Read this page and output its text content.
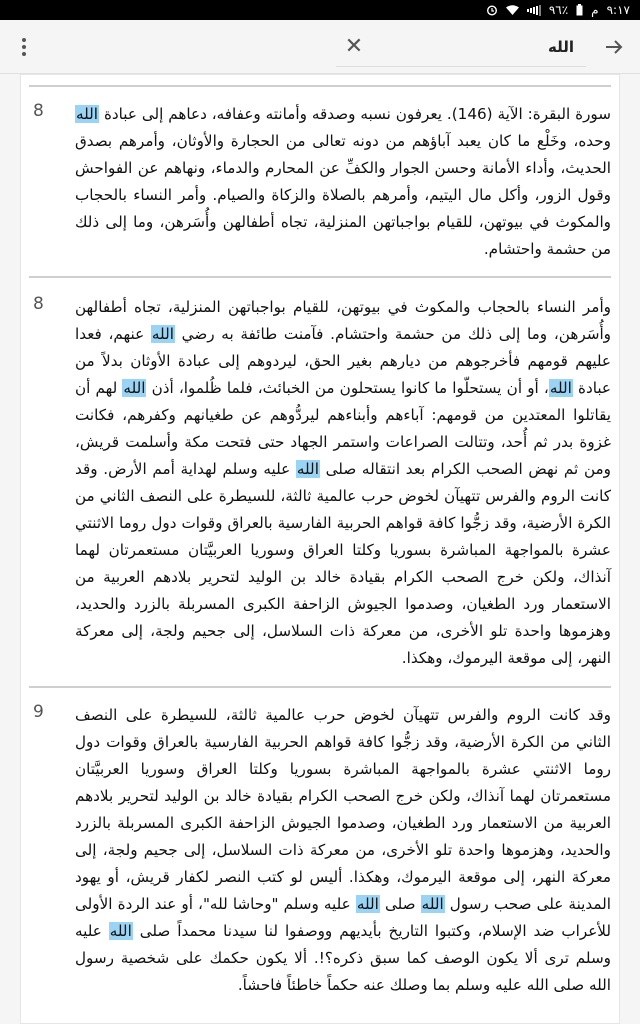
٩٦٪ م ٩:١٧
✕	الله
8	سورة البقرة: الآية (146). يعرفون نسبه وصدقه وأمانته وعفافه، دعاهم إلى عبادة الله وحده، وخَلْع ما كان يعبد آباؤهم من دونه تعالى من الحجارة والأوثان، وأمرهم بصدق الحديث، وأداء الأمانة وحسن الجوار والكفِّ عن المحارم والدماء، ونهاهم عن الفواحش وقول الزور، وأكل مال اليتيم، وأمرهم بالصلاة والزكاة والصيام. وأمر النساء بالحجاب والمكوث في بيوتهن، للقيام بواجباتهن المنزلية، تجاه أطفالهن وأُسَرهن، وما إلى ذلك من حشمة واحتشام.

8 وأمر النساء بالحجاب والمكوث في بيوتهن، للقيام بواجباتهن المنزلية، تجاه أطفالهن وأُسَرهن، وما إلى ذلك من حشمة واحتشام. فآمنت طائفة به رضي الله عنهم، فعدا عليهم قومهم فأخرجوهم من ديارهم بغير الحق، ليردوهم إلى عبادة الأوثان بدلاً من عبادة الله، أو أن يستحلّوا ما كانوا يستحلون من الخبائث، فلما ظُلموا، أذن الله لهم أن يقاتلوا المعتدين من قومهم: آباءهم وأبناءهم ليردُّوهم عن طغيانهم وكفرهم، فكانت غزوة بدر ثم أُحد، وتتالت الصراعات واستمر الجهاد حتى فتحت مكة وأسلمت قريش، ومن ثم نهض الصحب الكرام بعد انتقاله صلى الله عليه وسلم لهداية أمم الأرض. وقد كانت الروم والفرس تتهيآن لخوض حرب عالمية ثالثة، للسيطرة على النصف الثاني من الكرة الأرضية، وقد زجُّوا كافة قواهم الحربية الفارسية بالعراق وقوات دول روما الاثنتي عشرة بالمواجهة المباشرة بسوريا وكلتا العراق وسوريا العربيَّتان مستعمرتان لهما آنذاك، ولكن خرج الصحب الكرام بقيادة خالد بن الوليد لتحرير بلادهم العربية من الاستعمار ورد الطغيان، وصدموا الجيوش الزاحفة الكبرى المسربلة بالزرد والحديد، وهزموها واحدة تلو الأخرى، من معركة ذات السلاسل، إلى جحيم ولجة، إلى معركة النهر، إلى موقعة اليرموك، وهكذا.

9 وقد كانت الروم والفرس تتهيآن لخوض حرب عالمية ثالثة، للسيطرة على النصف الثاني من الكرة الأرضية، وقد زجُّوا كافة قواهم الحربية الفارسية بالعراق وقوات دول روما الاثنتي عشرة بالمواجهة المباشرة بسوريا وكلتا العراق وسوريا العربيَّتان مستعمرتان لهما آنذاك، ولكن خرج الصحب الكرام بقيادة خالد بن الوليد لتحرير بلادهم العربية من الاستعمار ورد الطغيان، وصدموا الجيوش الزاحفة الكبرى المسربلة بالزرد والحديد، وهزموها واحدة تلو الأخرى، من معركة ذات السلاسل، إلى جحيم ولجة، إلى معركة النهر، إلى موقعة اليرموك، وهكذا. أليس لو كتب النصر لكفار قريش، أو يهود المدينة على صحب رسول الله صلى الله عليه وسلم "وحاشا لله"، أو عند الردة الأولى للأعراب ضد الإسلام، وكتبوا التاريخ بأيديهم ووصفوا لنا سيدنا محمداً صلى الله عليه وسلم ترى ألا يكون الوصف كما سبق ذكره؟!. ألا يكون حكمك على شخصية رسول الله صلى الله عليه وسلم بما وصلك عنه حكماً خاطئاً فاحشاً.
